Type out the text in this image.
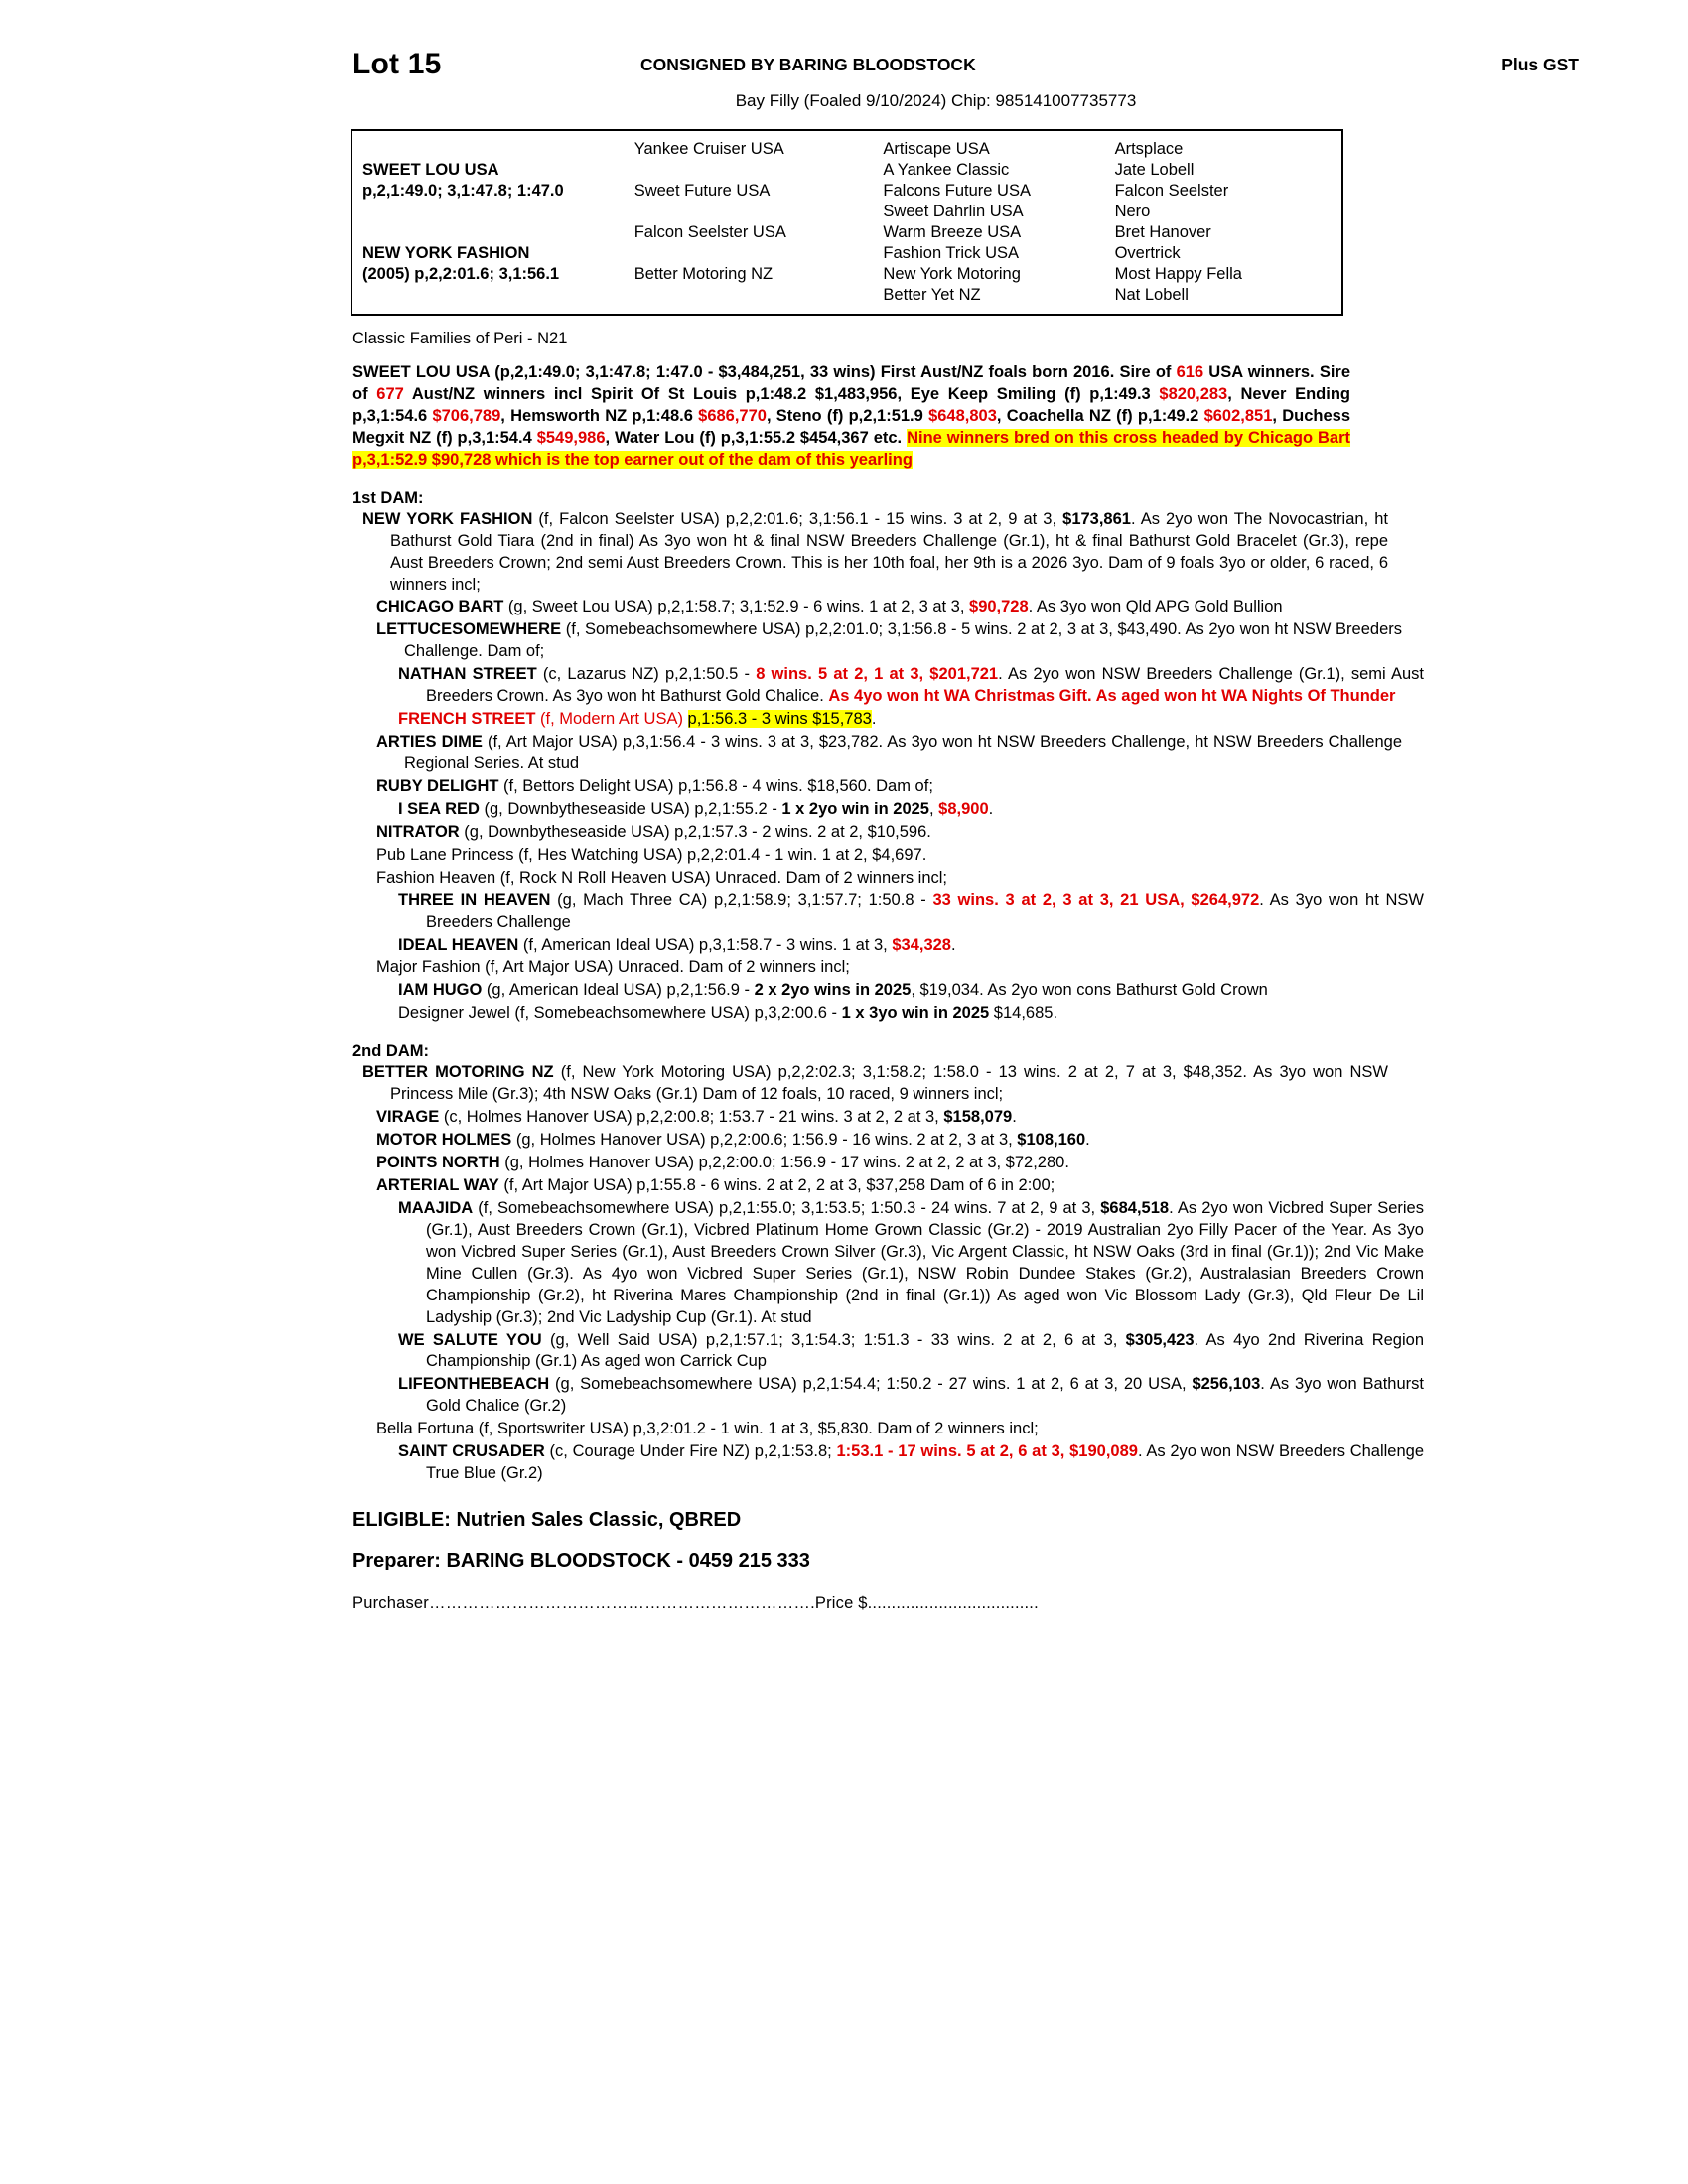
Lot 15	CONSIGNED BY BARING BLOODSTOCK	Plus GST
Bay Filly (Foaled 9/10/2024) Chip: 985141007735773
	Yankee Cruiser USA	Artiscape USA	Artsplace
SWEET LOU USA		A Yankee Classic	Jate Lobell
p,2,1:49.0; 3,1:47.8; 1:47.0	Sweet Future USA	Falcons Future USA	Falcon Seelster
		Sweet Dahrlin USA	Nero
	Falcon Seelster USA	Warm Breeze USA	Bret Hanover
NEW YORK FASHION		Fashion Trick USA	Overtrick
(2005) p,2,2:01.6; 3,1:56.1	Better Motoring NZ	New York Motoring	Most Happy Fella
		Better Yet NZ	Nat Lobell
Classic Families of Peri - N21
SWEET LOU USA (p,2,1:49.0; 3,1:47.8; 1:47.0 - $3,484,251, 33 wins) First Aust/NZ foals born 2016. Sire of 616 USA winners. Sire of 677 Aust/NZ winners incl Spirit Of St Louis p,1:48.2 $1,483,956, Eye Keep Smiling (f) p,1:49.3 $820,283, Never Ending p,3,1:54.6 $706,789, Hemsworth NZ p,1:48.6 $686,770, Steno (f) p,2,1:51.9 $648,803, Coachella NZ (f) p,1:49.2 $602,851, Duchess Megxit NZ (f) p,3,1:54.4 $549,986, Water Lou (f) p,3,1:55.2 $454,367 etc. Nine winners bred on this cross headed by Chicago Bart p,3,1:52.9 $90,728 which is the top earner out of the dam of this yearling
1st DAM:
NEW YORK FASHION (f, Falcon Seelster USA) p,2,2:01.6; 3,1:56.1 - 15 wins. 3 at 2, 9 at 3, $173,861. As 2yo won The Novocastrian, ht Bathurst Gold Tiara (2nd in final) As 3yo won ht & final NSW Breeders Challenge (Gr.1), ht & final Bathurst Gold Bracelet (Gr.3), repe Aust Breeders Crown; 2nd semi Aust Breeders Crown. This is her 10th foal, her 9th is a 2026 3yo. Dam of 9 foals 3yo or older, 6 raced, 6 winners incl;
CHICAGO BART (g, Sweet Lou USA) p,2,1:58.7; 3,1:52.9 - 6 wins. 1 at 2, 3 at 3, $90,728. As 3yo won Qld APG Gold Bullion
LETTUCESOMEWHERE (f, Somebeachsomewhere USA) p,2,2:01.0; 3,1:56.8 - 5 wins. 2 at 2, 3 at 3, $43,490. As 2yo won ht NSW Breeders Challenge. Dam of;
NATHAN STREET (c, Lazarus NZ) p,2,1:50.5 - 8 wins. 5 at 2, 1 at 3, $201,721. As 2yo won NSW Breeders Challenge (Gr.1), semi Aust Breeders Crown. As 3yo won ht Bathurst Gold Chalice. As 4yo won ht WA Christmas Gift. As aged won ht WA Nights Of Thunder
FRENCH STREET (f, Modern Art USA) p,1:56.3 - 3 wins $15,783.
ARTIES DIME (f, Art Major USA) p,3,1:56.4 - 3 wins. 3 at 3, $23,782. As 3yo won ht NSW Breeders Challenge, ht NSW Breeders Challenge Regional Series. At stud
RUBY DELIGHT (f, Bettors Delight USA) p,1:56.8 - 4 wins. $18,560. Dam of;
I SEA RED (g, Downbytheseaside USA) p,2,1:55.2 - 1 x 2yo win in 2025, $8,900.
NITRATOR (g, Downbytheseaside USA) p,2,1:57.3 - 2 wins. 2 at 2, $10,596.
Pub Lane Princess (f, Hes Watching USA) p,2,2:01.4 - 1 win. 1 at 2, $4,697.
Fashion Heaven (f, Rock N Roll Heaven USA) Unraced. Dam of 2 winners incl;
THREE IN HEAVEN (g, Mach Three CA) p,2,1:58.9; 3,1:57.7; 1:50.8 - 33 wins. 3 at 2, 3 at 3, 21 USA, $264,972. As 3yo won ht NSW Breeders Challenge
IDEAL HEAVEN (f, American Ideal USA) p,3,1:58.7 - 3 wins. 1 at 3, $34,328.
Major Fashion (f, Art Major USA) Unraced. Dam of 2 winners incl;
IAM HUGO (g, American Ideal USA) p,2,1:56.9 - 2 x 2yo wins in 2025, $19,034. As 2yo won cons Bathurst Gold Crown
Designer Jewel (f, Somebeachsomewhere USA) p,3,2:00.6 - 1 x 3yo win in 2025 $14,685.
2nd DAM:
BETTER MOTORING NZ (f, New York Motoring USA) p,2,2:02.3; 3,1:58.2; 1:58.0 - 13 wins. 2 at 2, 7 at 3, $48,352. As 3yo won NSW Princess Mile (Gr.3); 4th NSW Oaks (Gr.1) Dam of 12 foals, 10 raced, 9 winners incl;
VIRAGE (c, Holmes Hanover USA) p,2,2:00.8; 1:53.7 - 21 wins. 3 at 2, 2 at 3, $158,079.
MOTOR HOLMES (g, Holmes Hanover USA) p,2,2:00.6; 1:56.9 - 16 wins. 2 at 2, 3 at 3, $108,160.
POINTS NORTH (g, Holmes Hanover USA) p,2,2:00.0; 1:56.9 - 17 wins. 2 at 2, 2 at 3, $72,280.
ARTERIAL WAY (f, Art Major USA) p,1:55.8 - 6 wins. 2 at 2, 2 at 3, $37,258 Dam of 6 in 2:00;
MAAJIDA (f, Somebeachsomewhere USA) p,2,1:55.0; 3,1:53.5; 1:50.3 - 24 wins. 7 at 2, 9 at 3, $684,518. As 2yo won Vicbred Super Series (Gr.1), Aust Breeders Crown (Gr.1), Vicbred Platinum Home Grown Classic (Gr.2) - 2019 Australian 2yo Filly Pacer of the Year. As 3yo won Vicbred Super Series (Gr.1), Aust Breeders Crown Silver (Gr.3), Vic Argent Classic, ht NSW Oaks (3rd in final (Gr.1)); 2nd Vic Make Mine Cullen (Gr.3). As 4yo won Vicbred Super Series (Gr.1), NSW Robin Dundee Stakes (Gr.2), Australasian Breeders Crown Championship (Gr.2), ht Riverina Mares Championship (2nd in final (Gr.1)) As aged won Vic Blossom Lady (Gr.3), Qld Fleur De Lil Ladyship (Gr.3); 2nd Vic Ladyship Cup (Gr.1). At stud
WE SALUTE YOU (g, Well Said USA) p,2,1:57.1; 3,1:54.3; 1:51.3 - 33 wins. 2 at 2, 6 at 3, $305,423. As 4yo 2nd Riverina Region Championship (Gr.1) As aged won Carrick Cup
LIFEONTHEBEACH (g, Somebeachsomewhere USA) p,2,1:54.4; 1:50.2 - 27 wins. 1 at 2, 6 at 3, 20 USA, $256,103. As 3yo won Bathurst Gold Chalice (Gr.2)
Bella Fortuna (f, Sportswriter USA) p,3,2:01.2 - 1 win. 1 at 3, $5,830. Dam of 2 winners incl;
SAINT CRUSADER (c, Courage Under Fire NZ) p,2,1:53.8; 1:53.1 - 17 wins. 5 at 2, 6 at 3, $190,089. As 2yo won NSW Breeders Challenge True Blue (Gr.2)
ELIGIBLE: Nutrien Sales Classic, QBRED
Preparer: BARING BLOODSTOCK - 0459 215 333
Purchaser…………………………………………………………….Price $....................................
